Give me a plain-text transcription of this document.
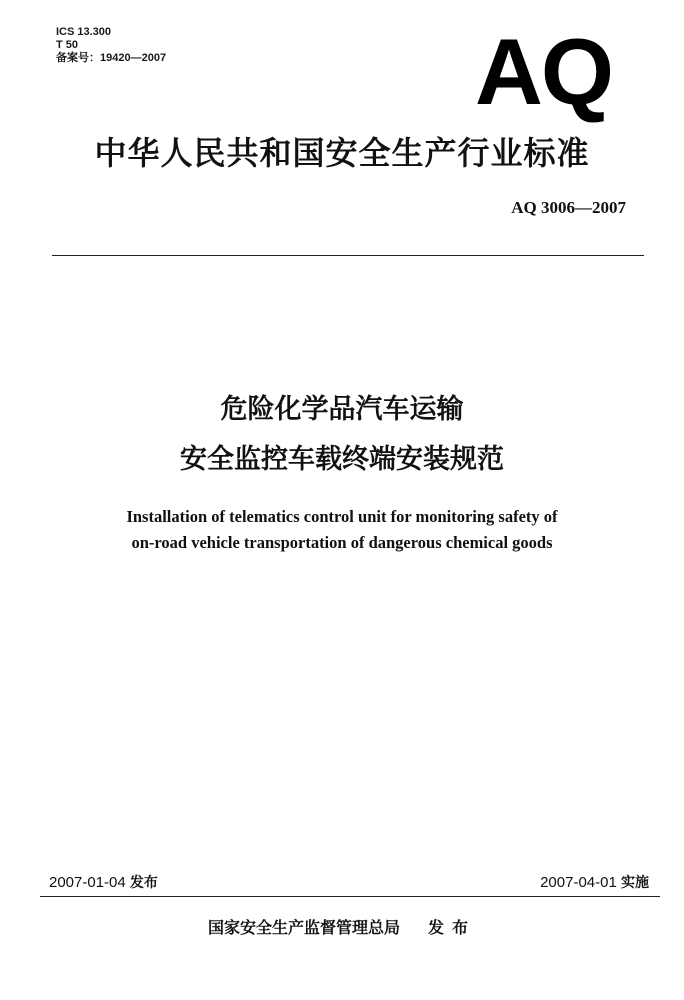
ICS 13.300
T 50
备案号：19420—2007	AQ
中华人民共和国安全生产行业标准
AQ 3006—2007
危险化学品汽车运输
安全监控车载终端安装规范
Installation of telematics control unit for monitoring safety of
on-road vehicle transportation of dangerous chemical goods
2007-01-04 发布	2007-04-01 实施
国家安全生产监督管理总局 发布
